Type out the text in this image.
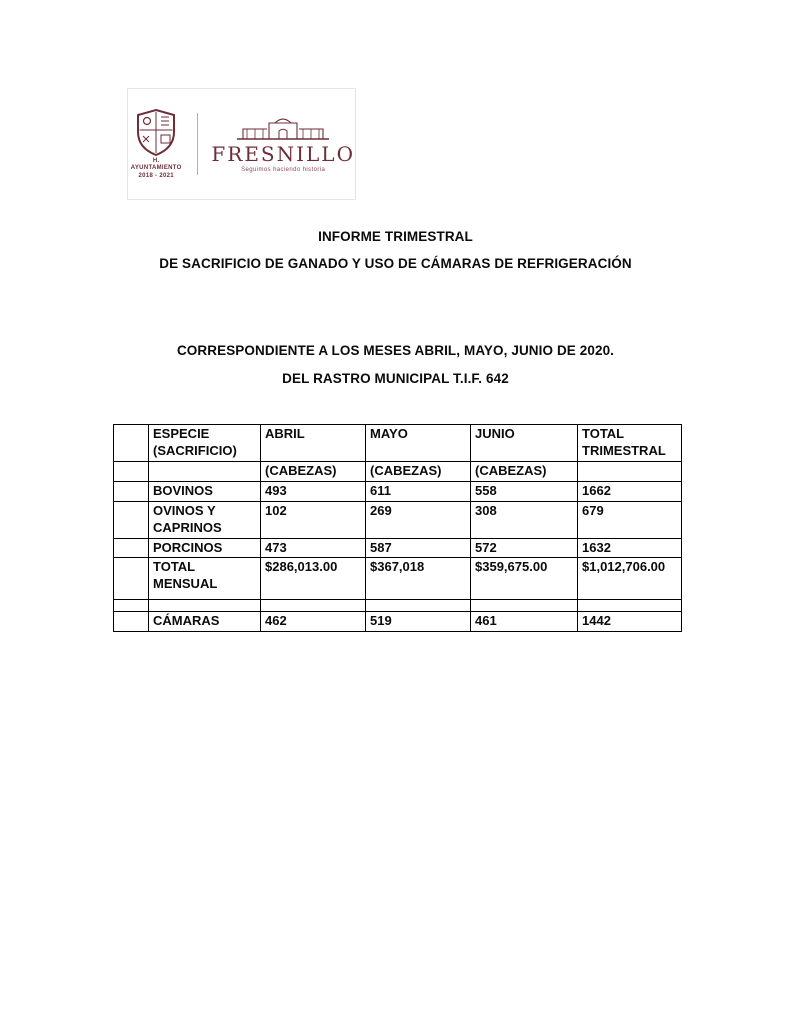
H. AYUNTAMIENTO
2018 - 2021
FRESNILLO
Seguimos haciendo historia
INFORME TRIMESTRAL
DE SACRIFICIO DE GANADO Y USO DE CÁMARAS DE REFRIGERACIÓN
CORRESPONDIENTE A LOS MESES ABRIL, MAYO, JUNIO DE 2020.
DEL RASTRO MUNICIPAL T.I.F. 642
	ESPECIE (SACRIFICIO)	ABRIL	MAYO	JUNIO	TOTAL TRIMESTRAL
		(CABEZAS)	(CABEZAS)	(CABEZAS)	
	BOVINOS	493	611	558	1662
	OVINOS Y CAPRINOS	102	269	308	679
	PORCINOS	473	587	572	1632
	TOTAL MENSUAL	$286,013.00	$367,018	$359,675.00	$1,012,706.00

	CÁMARAS	462	519	461	1442
